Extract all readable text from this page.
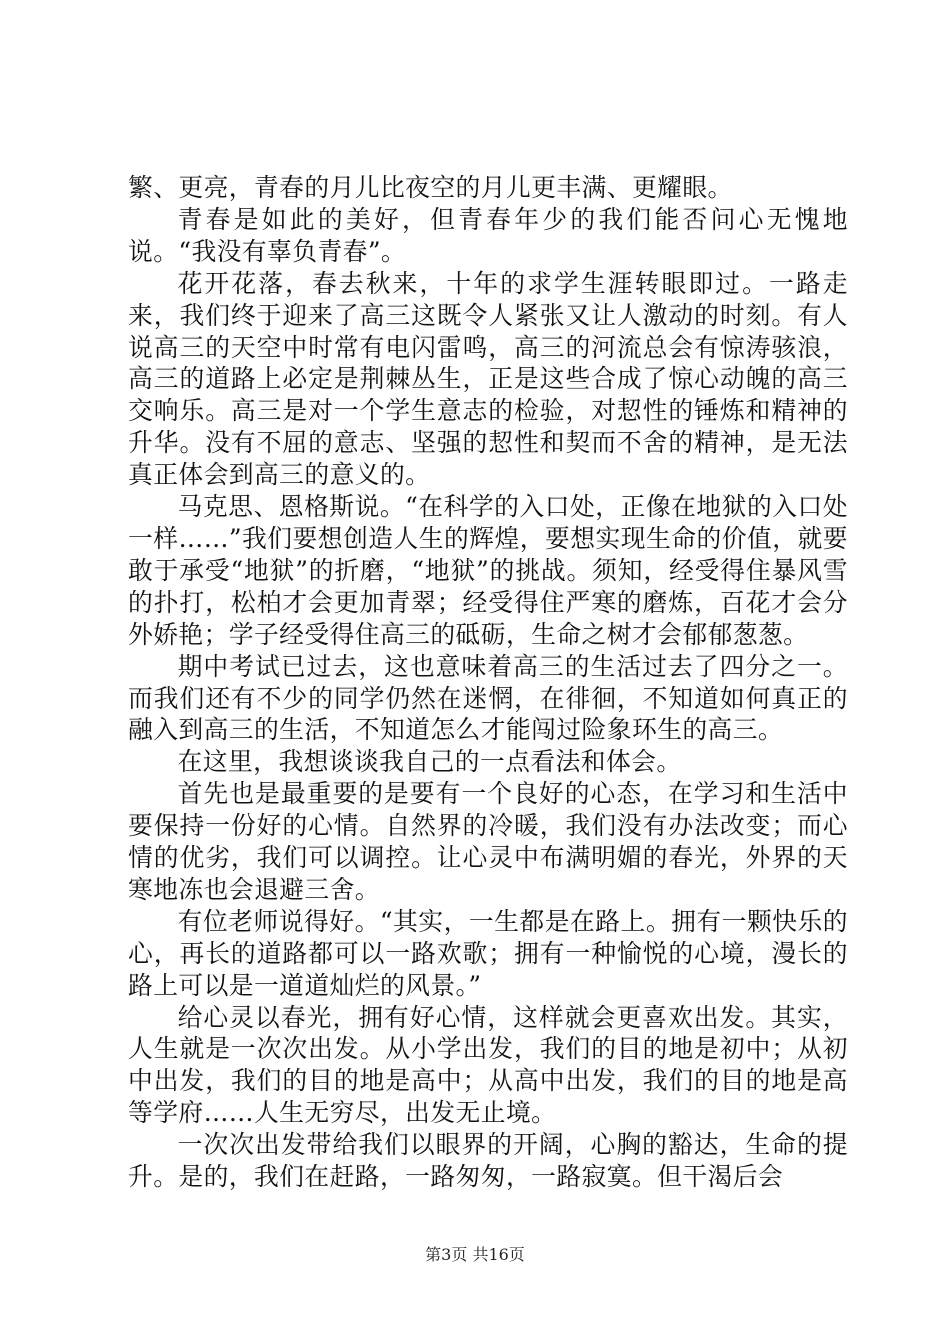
繁、更亮，青春的月儿比夜空的月儿更丰满、更耀眼。

青春是如此的美好，但青春年少的我们能否问心无愧地说。“我没有辜负青春”。

花开花落，春去秋来，十年的求学生涯转眼即过。一路走来，我们终于迎来了高三这既令人紧张又让人激动的时刻。有人说高三的天空中时常有电闪雷鸣，高三的河流总会有惊涛骇浪，高三的道路上必定是荆棘丛生，正是这些合成了惊心动魄的高三交响乐。高三是对一个学生意志的检验，对恝性的锤炼和精神的升华。没有不屈的意志、坚强的恝性和契而不舍的精神，是无法真正体会到高三的意义的。

马克思、恩格斯说。“在科学的入口处，正像在地狱的入口处一样……”我们要想创造人生的辉煌，要想实现生命的价值，就要敢于承受“地狱”的折磨，“地狱”的挑战。须知，经受得住暴风雪的扑打，松柏才会更加青翠；经受得住严寒的磨炼，百花才会分外娇艳；学子经受得住高三的砥砺，生命之树才会郁郁葱葱。

期中考试已过去，这也意味着高三的生活过去了四分之一。而我们还有不少的同学仍然在迷惘，在徘徊，不知道如何真正的融入到高三的生活，不知道怎么才能闯过险象环生的高三。

在这里，我想谈谈我自己的一点看法和体会。

首先也是最重要的是要有一个良好的心态，在学习和生活中要保持一份好的心情。自然界的冷暖，我们没有办法改变；而心情的优劣，我们可以调控。让心灵中布满明媚的春光，外界的天寒地冻也会退避三舍。

有位老师说得好。“其实，一生都是在路上。拥有一颗快乐的心，再长的道路都可以一路欢歌；拥有一种愉悦的心境，漫长的路上可以是一道道灿烂的风景。”

给心灵以春光，拥有好心情，这样就会更喜欢出发。其实，人生就是一次次出发。从小学出发，我们的目的地是初中；从初中出发，我们的目的地是高中；从高中出发，我们的目的地是高等学府……人生无穷尽，出发无止境。

一次次出发带给我们以眼界的开阔，心胸的豁达，生命的提升。是的，我们在赶路，一路匆匆，一路寂寞。但干渴后会

第3页 共16页
